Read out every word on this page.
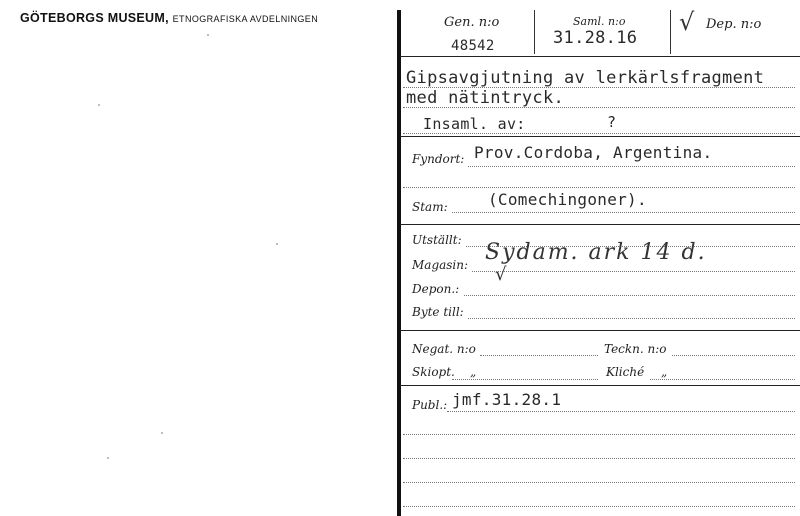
GÖTEBORGS MUSEUM, ETNOGRAFISKA AVDELNINGEN	Gen. n:o
48542
Saml. n:o
31.28.16
√ Dep. n:o
Gipsavgjutning av lerkärlsfragment
med nätintryck.
Insaml. av:	?
Fyndort: Prov.Cordoba, Argentina.
Stam:	(Comechingoner).
Utställt:
Magasin: Sydam. ark 14 d.
Depon.:
√
Byte till:
Negat. n:o	Teckn. n:o
Skiopt. „	Kliché „
Publ.: jmf.31.28.1
